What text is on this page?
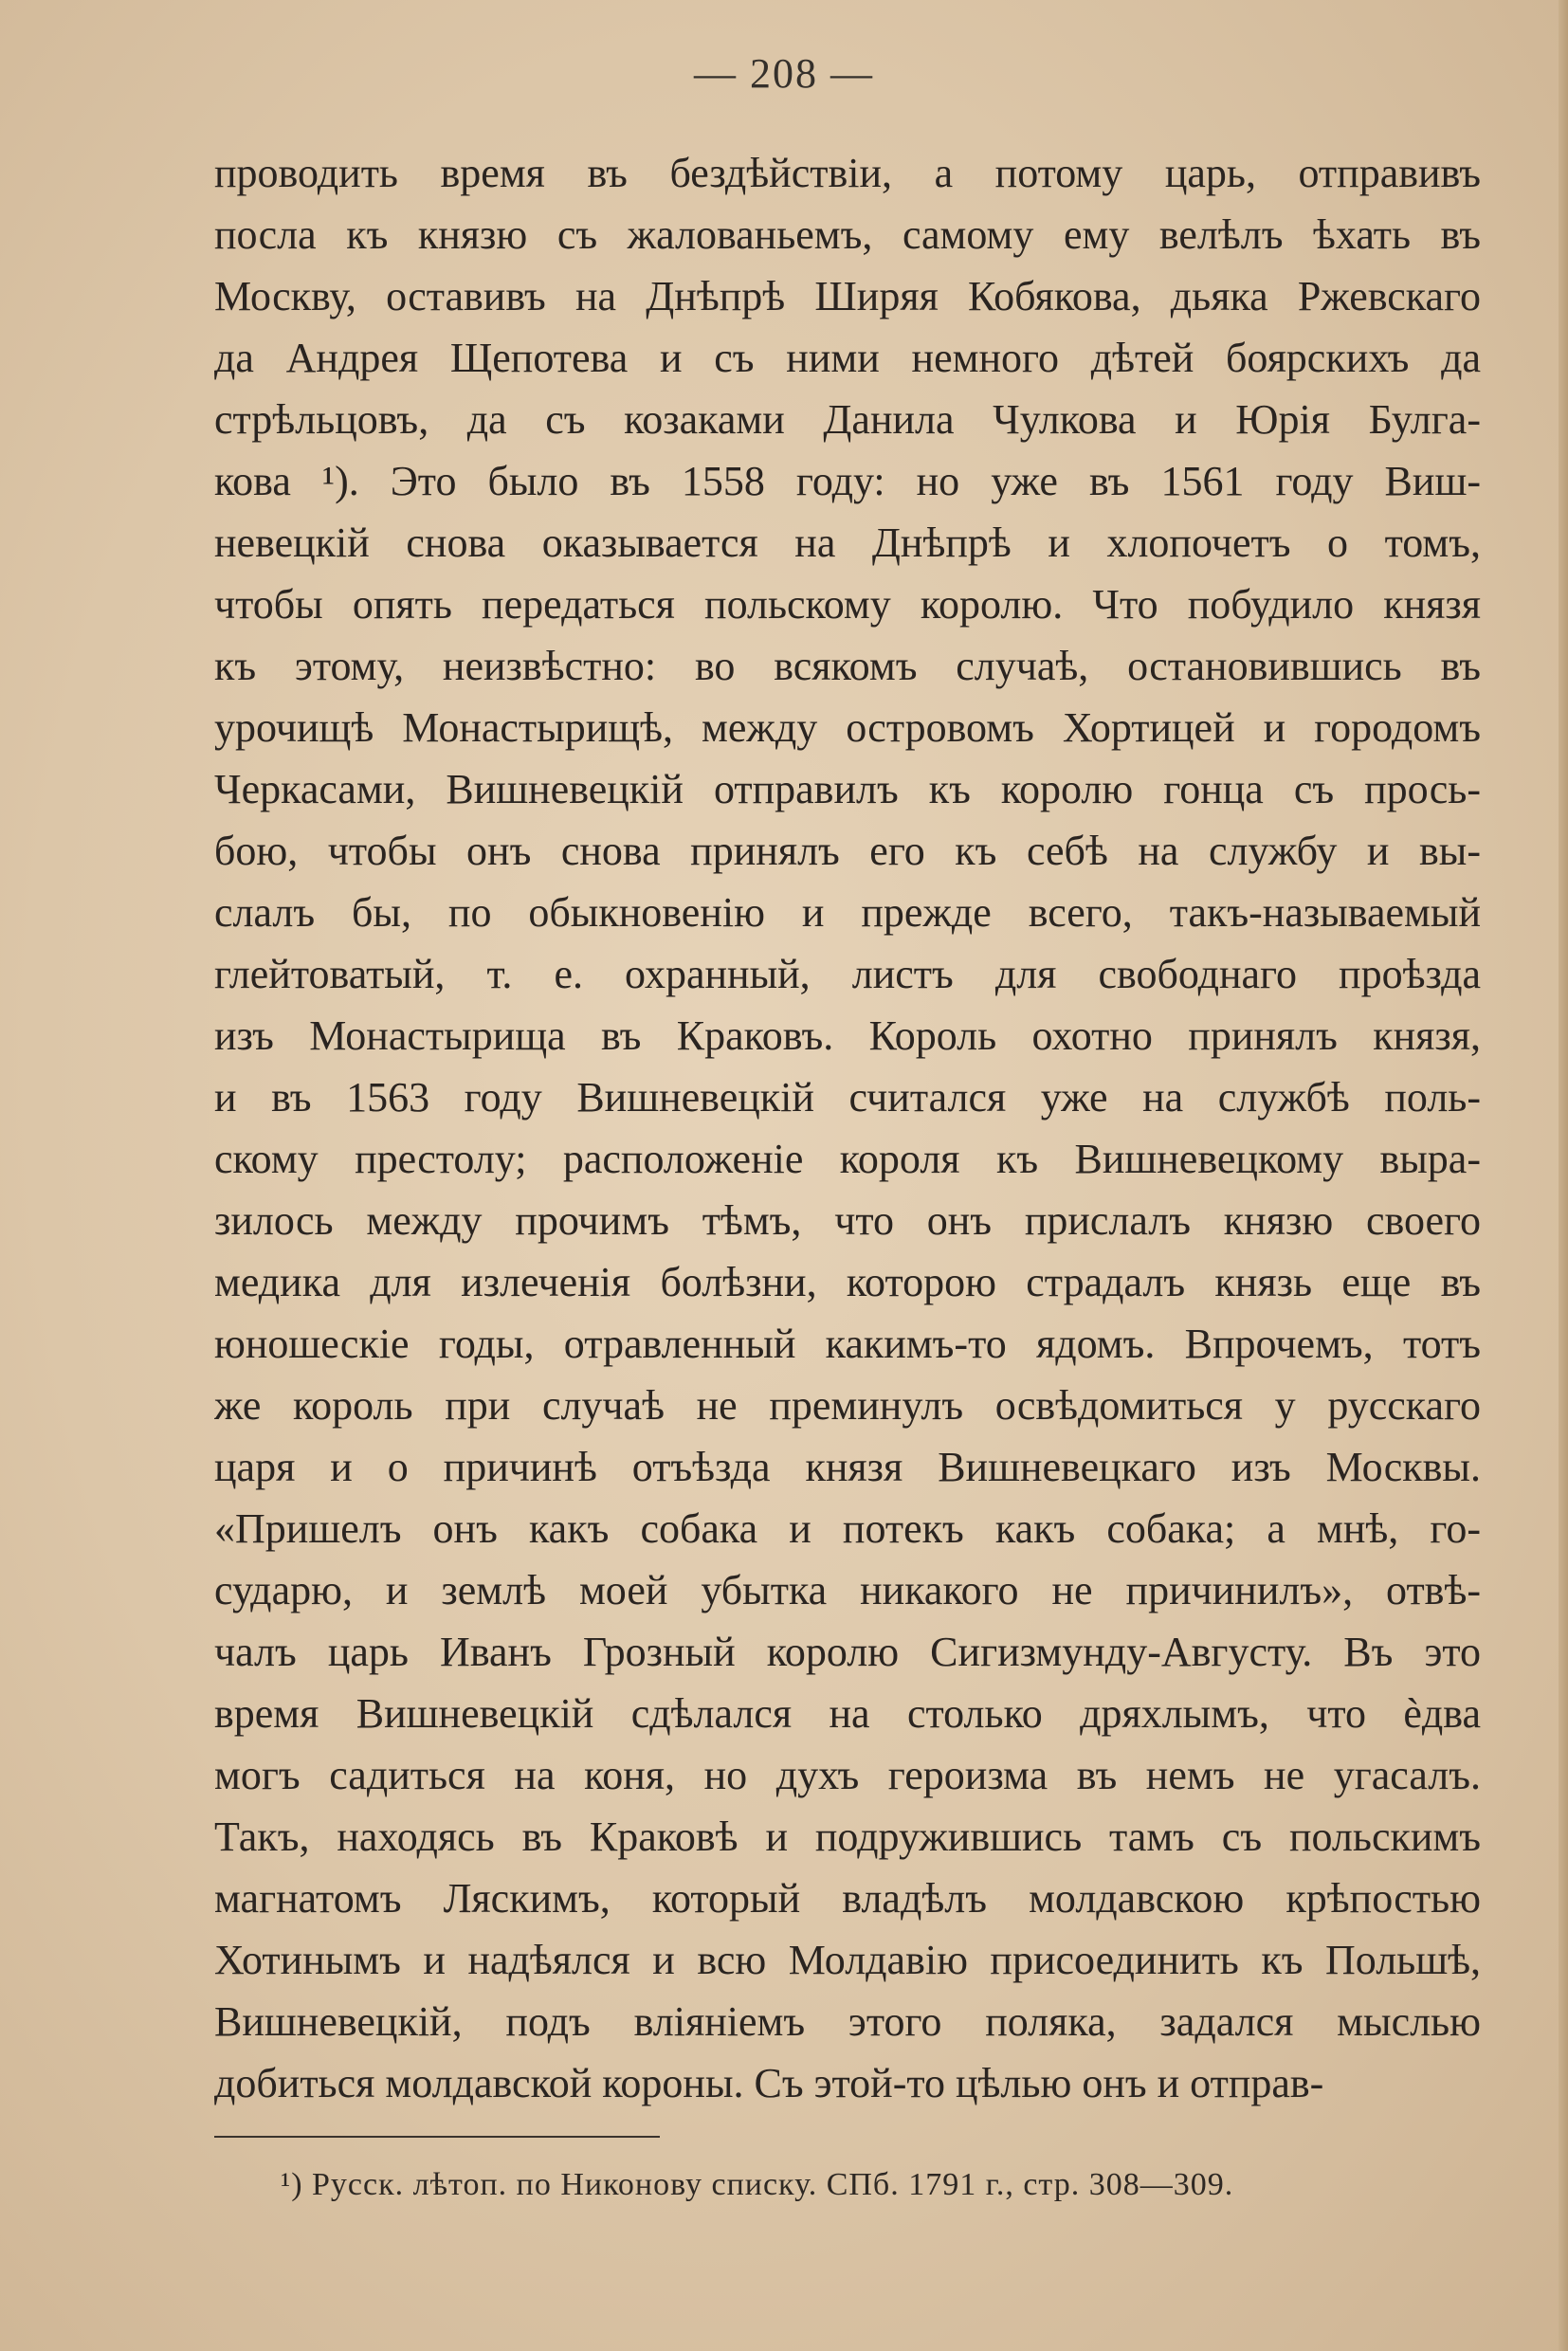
— 208 —
проводить время въ бездѣйствіи, а потому царь, отправивъ
посла къ князю съ жалованьемъ, самому ему велѣлъ ѣхать въ
Москву, оставивъ на Днѣпрѣ Ширяя Кобякова, дьяка Ржевскаго
да Андрея Щепотева и съ ними немного дѣтей боярскихъ да
стрѣльцовъ, да съ козаками Данила Чулкова и Юрія Булга-
кова ¹). Это было въ 1558 году: но уже въ 1561 году Виш-
невецкій снова оказывается на Днѣпрѣ и хлопочетъ о томъ,
чтобы опять передаться польскому королю. Что побудило князя
къ этому, неизвѣстно: во всякомъ случаѣ, остановившись въ
урочищѣ Монастырищѣ, между островомъ Хортицей и городомъ
Черкасами, Вишневецкій отправилъ къ королю гонца съ прось-
бою, чтобы онъ снова принялъ его къ себѣ на службу и вы-
слалъ бы, по обыкновенію и прежде всего, такъ-называемый
глейтоватый, т. е. охранный, листъ для свободнаго проѣзда
изъ Монастырища въ Краковъ. Король охотно принялъ князя,
и въ 1563 году Вишневецкій считался уже на службѣ поль-
скому престолу; расположеніе короля къ Вишневецкому выра-
зилось между прочимъ тѣмъ, что онъ прислалъ князю своего
медика для излеченія болѣзни, которою страдалъ князь еще въ
юношескіе годы, отравленный какимъ-то ядомъ. Впрочемъ, тотъ
же король при случаѣ не преминулъ освѣдомиться у русскаго
царя и о причинѣ отъѣзда князя Вишневецкаго изъ Москвы.
«Пришелъ онъ какъ собака и потекъ какъ собака; а мнѣ, го-
сударю, и землѣ моей убытка никакого не причинилъ», отвѣ-
чалъ царь Иванъ Грозный королю Сигизмунду-Августу. Въ это
время Вишневецкій сдѣлался на столько дряхлымъ, что ѐдва
могъ садиться на коня, но духъ героизма въ немъ не угасалъ.
Такъ, находясь въ Краковѣ и подружившись тамъ съ польскимъ
магнатомъ Ляскимъ, который владѣлъ молдавскою крѣпостью
Хотинымъ и надѣялся и всю Молдавію присоединить къ Польшѣ,
Вишневецкій, подъ вліяніемъ этого поляка, задался мыслью
добиться молдавской короны. Съ этой-то цѣлью онъ и отправ-
¹) Русск. лѣтоп. по Никонову списку. СПб. 1791 г., стр. 308—309.
